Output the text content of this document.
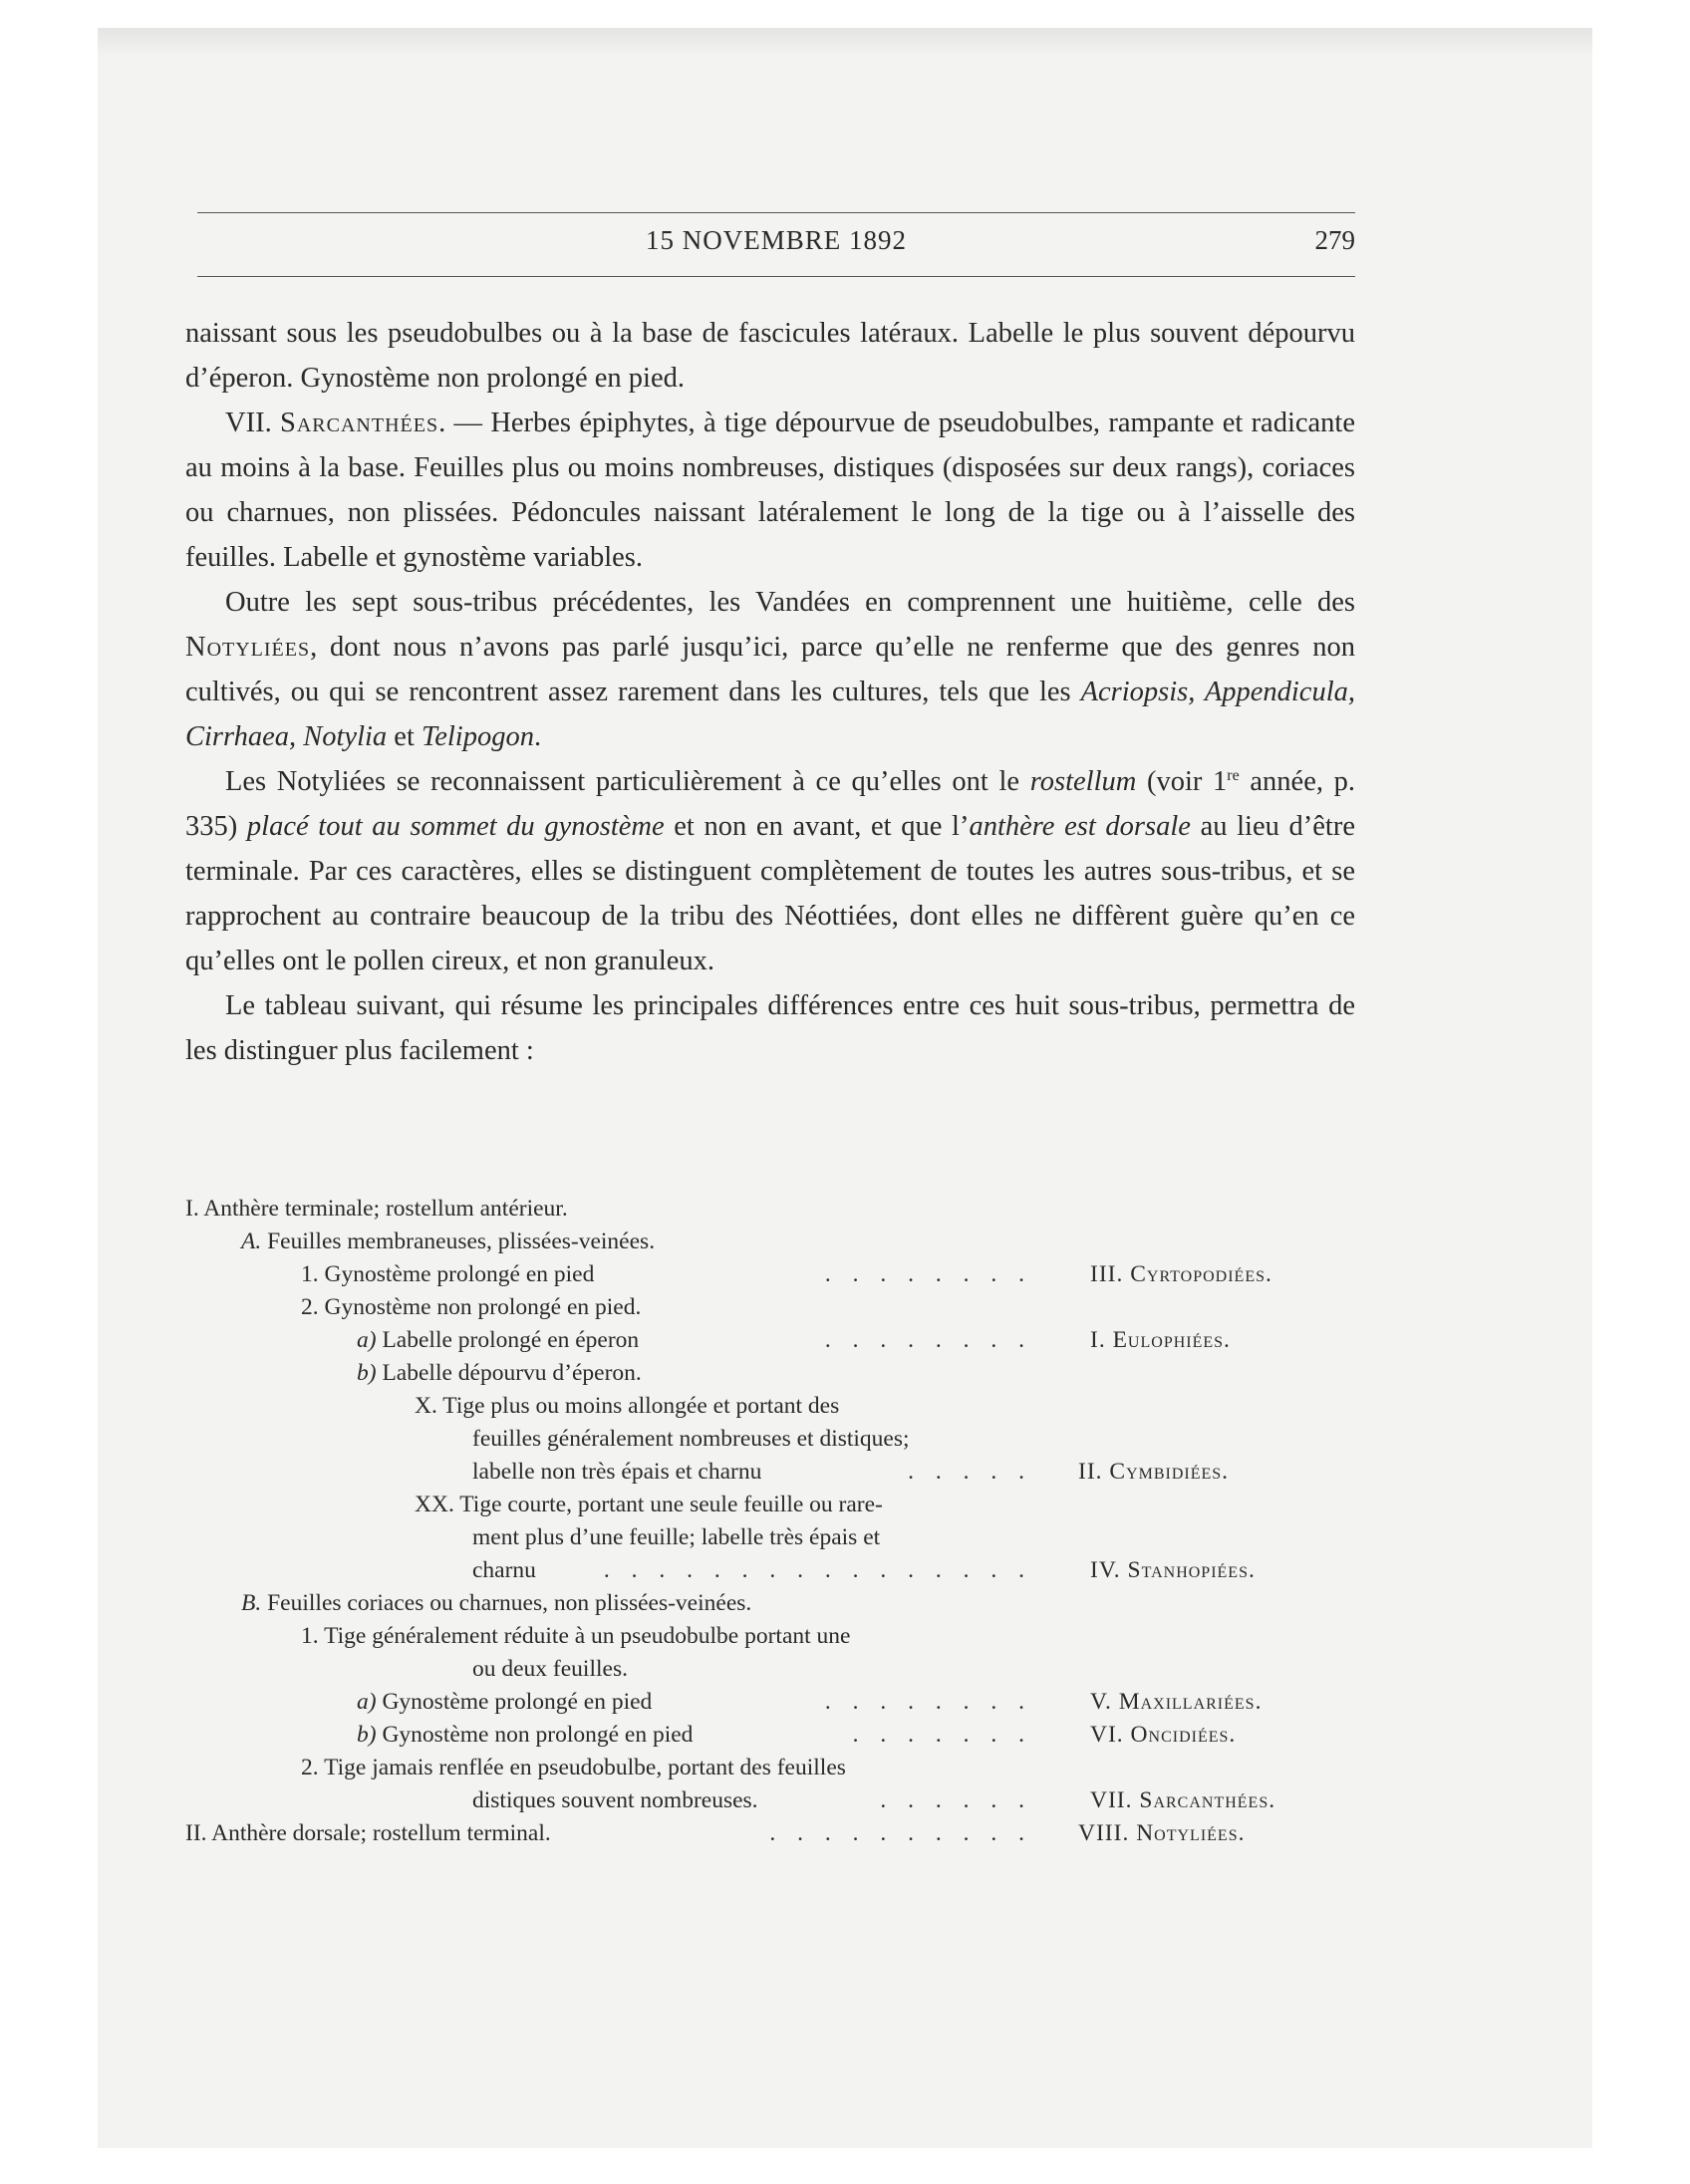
15 NOVEMBRE 1892	279

naissant sous les pseudobulbes ou à la base de fascicules latéraux. Labelle le plus souvent dépourvu d’éperon. Gynostème non prolongé en pied.

VII. Sarcanthées. — Herbes épiphytes, à tige dépourvue de pseudobulbes, rampante et radicante au moins à la base. Feuilles plus ou moins nombreuses, distiques (disposées sur deux rangs), coriaces ou charnues, non plissées. Pédoncules naissant latéralement le long de la tige ou à l’aisselle des feuilles. Labelle et gynostème variables.

Outre les sept sous-tribus précédentes, les Vandées en comprennent une huitième, celle des Notyliées, dont nous n’avons pas parlé jusqu’ici, parce qu’elle ne renferme que des genres non cultivés, ou qui se rencontrent assez rarement dans les cultures, tels que les Acriopsis, Appendicula, Cirrhaea, Notylia et Telipogon.

Les Notyliées se reconnaissent particulièrement à ce qu’elles ont le rostellum (voir 1re année, p. 335) placé tout au sommet du gynostème et non en avant, et que l’anthère est dorsale au lieu d’être terminale. Par ces caractères, elles se distinguent complètement de toutes les autres sous-tribus, et se rapprochent au contraire beaucoup de la tribu des Néottiées, dont elles ne diffèrent guère qu’en ce qu’elles ont le pollen cireux, et non granuleux.

Le tableau suivant, qui résume les principales différences entre ces huit sous-tribus, permettra de les distinguer plus facilement :

I. Anthère terminale; rostellum antérieur.
A. Feuilles membraneuses, plissées-veinées.
1. Gynostème prolongé en pied	. . . . . . . . III. Cyrtopodiées.
2. Gynostème non prolongé en pied.
a) Labelle prolongé en éperon	. . . . . . . . I. Eulophiées.
b) Labelle dépourvu d’éperon.
X. Tige plus ou moins allongée et portant des
feuilles généralement nombreuses et distiques;
labelle non très épais et charnu	. . . . . II. Cymbidiées.
XX. Tige courte, portant une seule feuille ou rare-
ment plus d’une feuille; labelle très épais et
charnu	. . . . . . . . . . . . . . . . IV. Stanhopiées.
B. Feuilles coriaces ou charnues, non plissées-veinées.
1. Tige généralement réduite à un pseudobulbe portant une
ou deux feuilles.
a) Gynostème prolongé en pied	. . . . . . . . V. Maxillariées.
b) Gynostème non prolongé en pied	. . . . . . . VI. Oncidiées.
2. Tige jamais renflée en pseudobulbe, portant des feuilles
distiques souvent nombreuses.	. . . . . . VII. Sarcanthées.
II. Anthère dorsale; rostellum terminal.	. . . . . . . . . . VIII. Notyliées.
